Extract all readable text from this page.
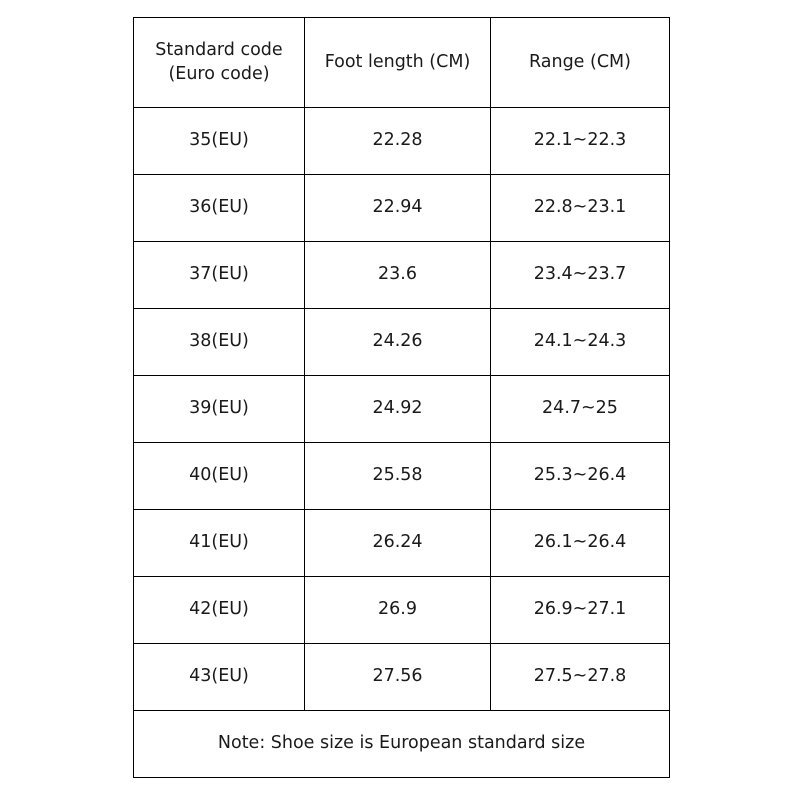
Standard code
(Euro code)	Foot length (CM)	Range (CM)

35(EU)	22.28	22.1~22.3
36(EU)	22.94	22.8~23.1
37(EU)	23.6	23.4~23.7
38(EU)	24.26	24.1~24.3
39(EU)	24.92	24.7~25
40(EU)	25.58	25.3~26.4
41(EU)	26.24	26.1~26.4
42(EU)	26.9	26.9~27.1
43(EU)	27.56	27.5~27.8
Note: Shoe size is European standard size		
